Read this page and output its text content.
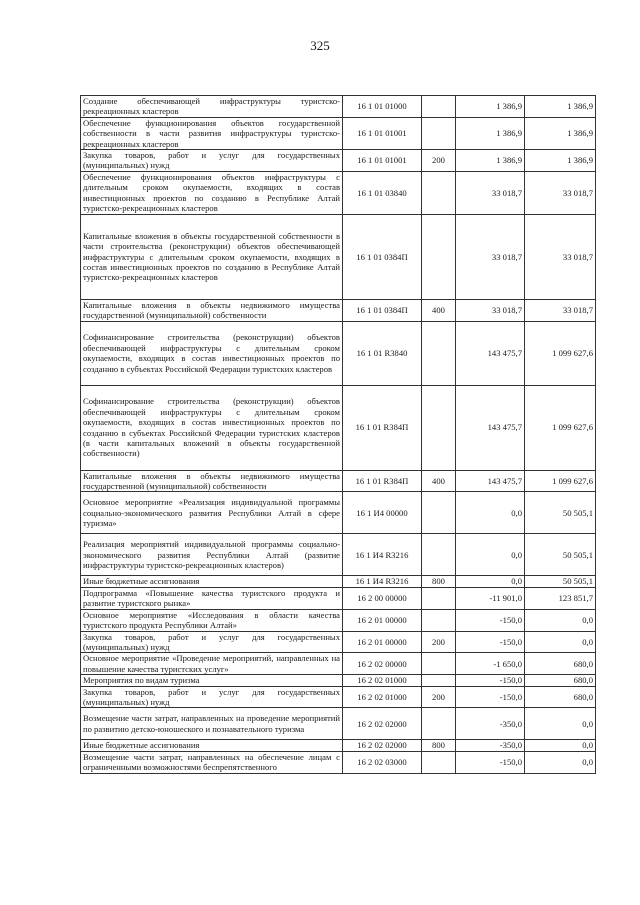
325
Создание обеспечивающей инфраструктуры туристско-рекреационных кластеров	16 1 01 01000		1 386,9	1 386,9
Обеспечение функционирования объектов государственной собственности в части развития инфраструктуры туристско-рекреационных кластеров	16 1 01 01001		1 386,9	1 386,9
Закупка товаров, работ и услуг для государственных (муниципальных) нужд	16 1 01 01001	200	1 386,9	1 386,9
Обеспечение функционирования объектов инфраструктуры с длительным сроком окупаемости, входящих в состав инвестиционных проектов по созданию в Республике Алтай туристско-рекреационных кластеров	16 1 01 03840		33 018,7	33 018,7
Капитальные вложения в объекты государственной собственности в части строительства (реконструкции) объектов обеспечивающей инфраструктуры с длительным сроком окупаемости, входящих в состав инвестиционных проектов по созданию в Республике Алтай туристско-рекреационных кластеров	16 1 01 0384П		33 018,7	33 018,7
Капитальные вложения в объекты недвижимого имущества государственной (муниципальной) собственности	16 1 01 0384П	400	33 018,7	33 018,7
Софинансирование строительства (реконструкции) объектов обеспечивающей инфраструктуры с длительным сроком окупаемости, входящих в состав инвестиционных проектов по созданию в субъектах Российской Федерации туристских кластеров	16 1 01 R3840		143 475,7	1 099 627,6
Софинансирование строительства (реконструкции) объектов обеспечивающей инфраструктуры с длительным сроком окупаемости, входящих в состав инвестиционных проектов по созданию в субъектах Российской Федерации туристских кластеров (в части капитальных вложений в объекты государственной собственности)	16 1 01 R384П		143 475,7	1 099 627,6
Капитальные вложения в объекты недвижимого имущества государственной (муниципальной) собственности	16 1 01 R384П	400	143 475,7	1 099 627,6
Основное мероприятие «Реализация индивидуальной программы социально-экономического развития Республики Алтай в сфере туризма»	16 1 И4 00000		0,0	50 505,1
Реализация мероприятий индивидуальной программы социально-экономического развития Республики Алтай (развитие инфраструктуры туристско-рекреационных кластеров)	16 1 И4 R3216		0,0	50 505,1
Иные бюджетные ассигнования	16 1 И4 R3216	800	0,0	50 505,1
Подпрограмма «Повышение качества туристского продукта и развитие туристского рынка»	16 2 00 00000		-11 901,0	123 851,7
Основное мероприятие «Исследования в области качества туристского продукта Республики Алтай»	16 2 01 00000		-150,0	0,0
Закупка товаров, работ и услуг для государственных (муниципальных) нужд	16 2 01 00000	200	-150,0	0,0
Основное мероприятие «Проведение мероприятий, направленных на повышение качества туристских услуг»	16 2 02 00000		-1 650,0	680,0
Мероприятия по видам туризма	16 2 02 01000		-150,0	680,0
Закупка товаров, работ и услуг для государственных (муниципальных) нужд	16 2 02 01000	200	-150,0	680,0
Возмещение части затрат, направленных на проведение мероприятий по развитию детско-юношеского и познавательного туризма	16 2 02 02000		-350,0	0,0
Иные бюджетные ассигнования	16 2 02 02000	800	-350,0	0,0
Возмещение части затрат, направленных на обеспечение лицам с ограниченными возможностями беспрепятственного	16 2 02 03000		-150,0	0,0
